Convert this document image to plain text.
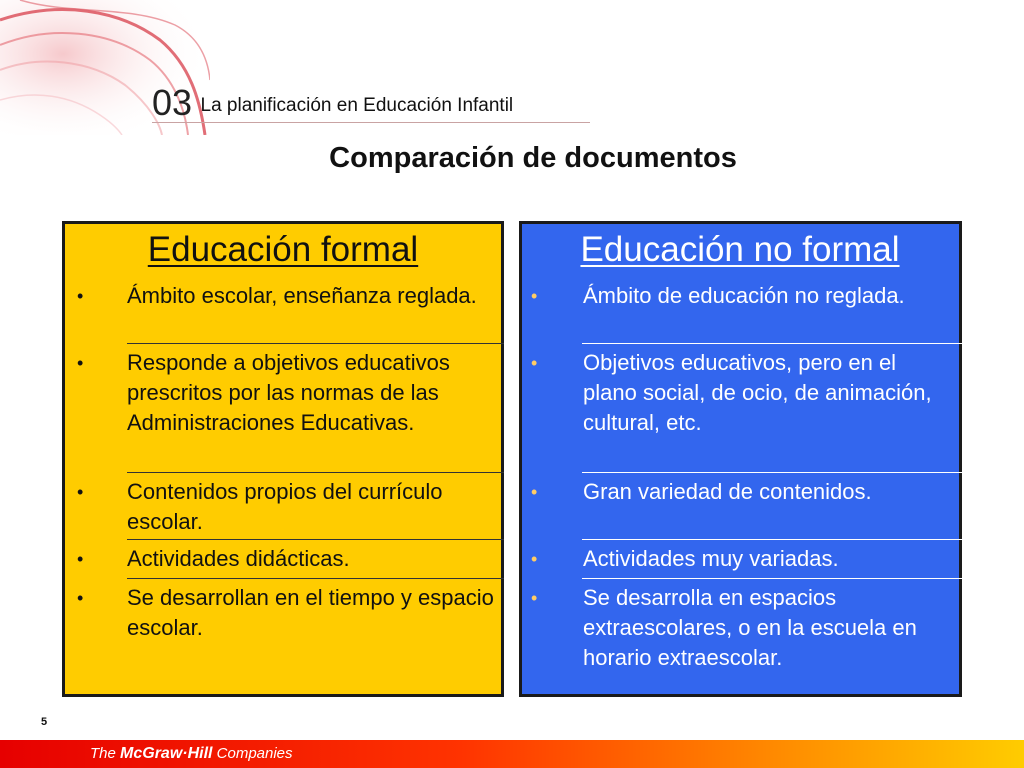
03 La planificación en Educación Infantil
Comparación de documentos
Educación formal
• Ámbito escolar, enseñanza reglada.
• Responde a objetivos educativos prescritos por las normas de las Administraciones Educativas.
• Contenidos propios del currículo escolar.
• Actividades didácticas.
• Se desarrollan en el tiempo y espacio escolar.
Educación no formal
• Ámbito de educación no reglada.
• Objetivos educativos, pero en el plano social, de ocio, de animación, cultural, etc.
• Gran variedad de contenidos.
• Actividades muy variadas.
• Se desarrolla en espacios extraescolares, o en la escuela en horario extraescolar.
5
The McGraw·Hill Companies
